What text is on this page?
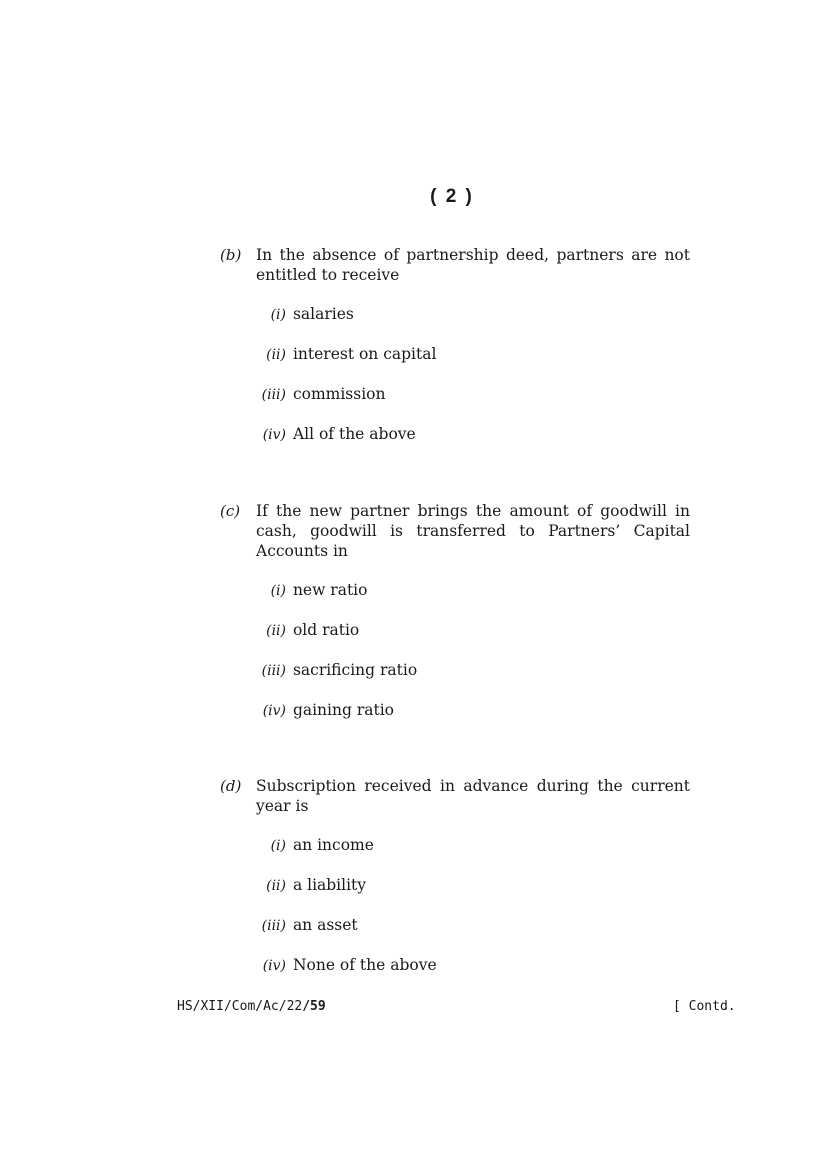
( 2 )
(b) In the absence of partnership deed, partners are not entitled to receive
(i) salaries
(ii) interest on capital
(iii) commission
(iv) All of the above
(c) If the new partner brings the amount of goodwill in cash, goodwill is transferred to Partners’ Capital Accounts in
(i) new ratio
(ii) old ratio
(iii) sacrificing ratio
(iv) gaining ratio
(d) Subscription received in advance during the current year is
(i) an income
(ii) a liability
(iii) an asset
(iv) None of the above
HS/XII/Com/Ac/22/59	[ Contd.
